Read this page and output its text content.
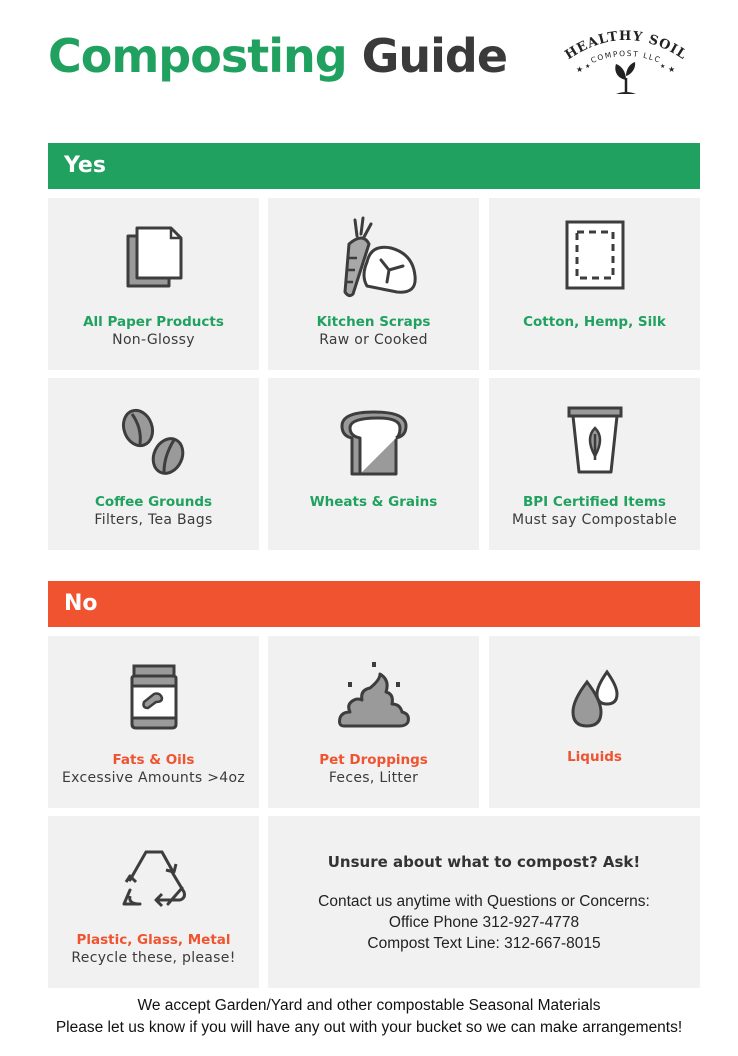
Composting Guide	HEALTHY SOIL
COMPOST LLC
★ ★	★ ★
Yes
All Paper Products
Non-Glossy
Kitchen Scraps
Raw or Cooked
Cotton, Hemp, Silk
Coffee Grounds
Filters, Tea Bags
Wheats & Grains	BPI Certified Items
Must say Compostable
No
Fats & Oils
Excessive Amounts >4oz
Pet Droppings
Feces, Litter
Liquids
Plastic, Glass, Metal
Recycle these, please!
Unsure about what to compost? Ask!
Contact us anytime with Questions or Concerns:
Office Phone 312-927-4778
Compost Text Line: 312-667-8015
We accept Garden/Yard and other compostable Seasonal Materials
Please let us know if you will have any out with your bucket so we can make arrangements!
